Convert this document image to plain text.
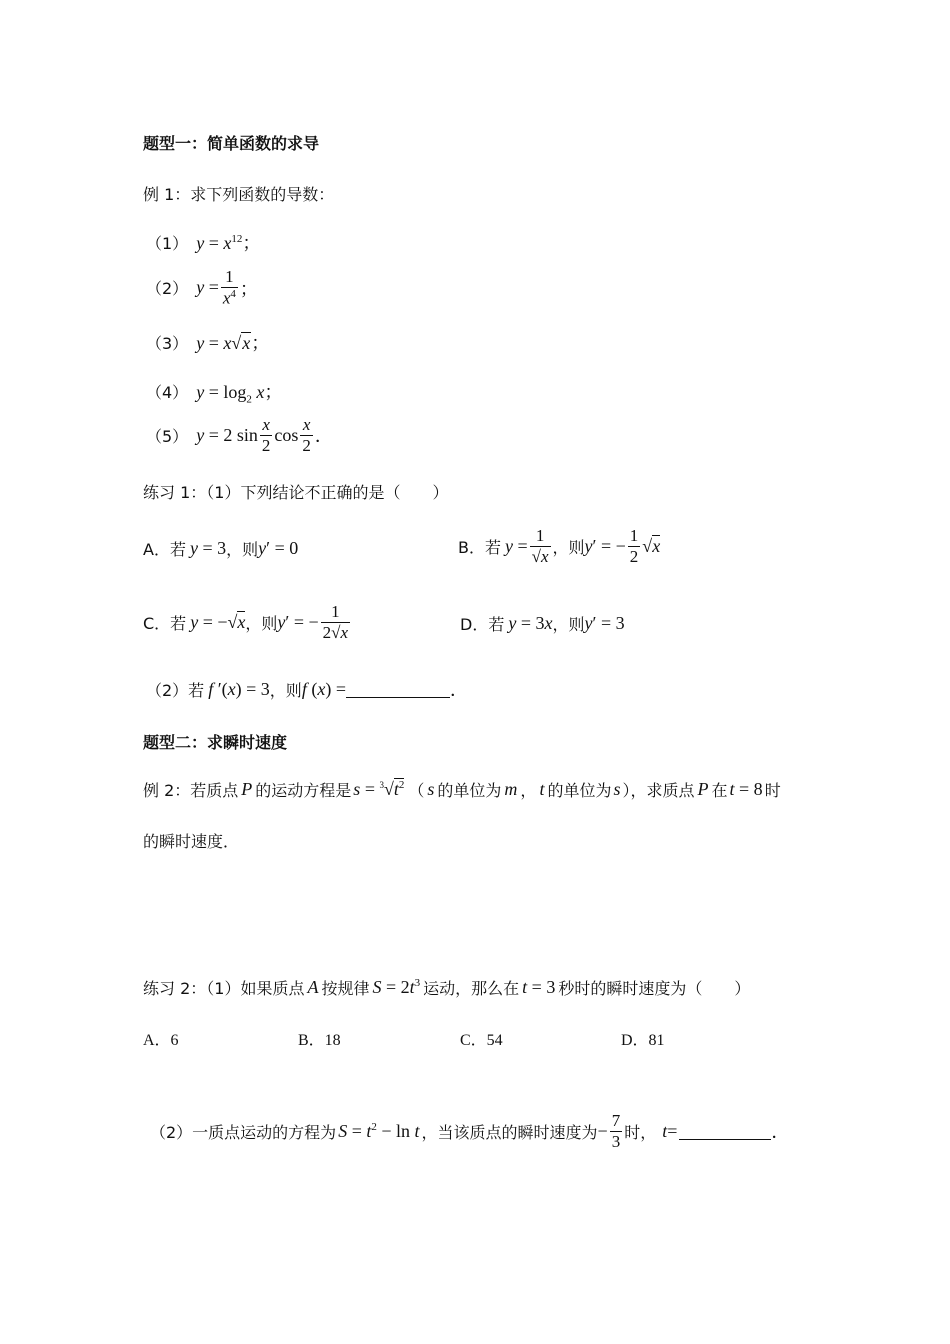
题型一：简单函数的求导
例 1：求下列函数的导数：
（1） $y = x^{12}$；
（2） $y = \frac{1}{x^4}$ ；
（3） y = x√x；
（4） $y = \log_2 x$；
（5） y = 2 $\sin \frac{x}{2}$ $\cos \frac{x}{2}$ ．
练习 1：（1）下列结论不正确的是（　　）
A．若 y = 3 ，则 y′ = 0	B．若 $y = \frac{1}{√x}$ ，则 y′ = − $\frac{1}{2} √x$
C．若 y = −√x ，则 y′ = − $\frac{1}{2√x}$	D．若 y = 3x ，则 y′ = 3
（2）若 f ′(x) = 3 ，则 f (x) =	．
题型二：求瞬时速度
例 2：若质点 P 的运动方程是 $s = ^3√t^2$ （ s 的单位为 m ， t 的单位为 s ），求质点 P 在 t = 8 时
的瞬时速度．
练习 2：（1）如果质点 A 按规律 $S = 2t^3$ 运动，那么在 t = 3 秒时的瞬时速度为（　　）
A．6	B．18	C．54	D．81
（2）一质点运动的方程为 $S = t^2 - \ln t$ ，当该质点的瞬时速度为 − $\frac{7}{3}$ 时， t =	．
